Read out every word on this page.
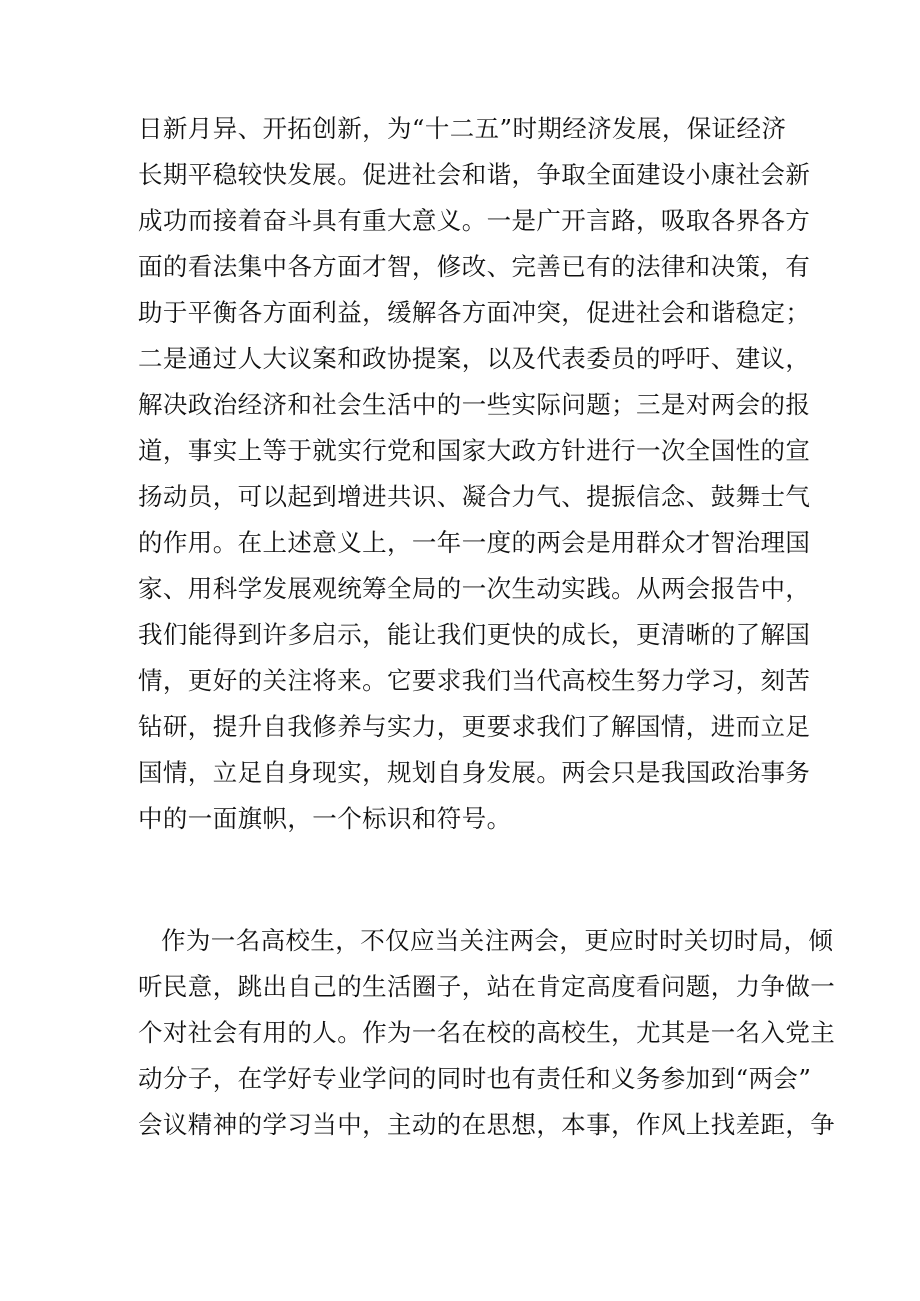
日新月异、开拓创新，为“十二五”时期经济发展，保证经济
长期平稳较快发展。促进社会和谐，争取全面建设小康社会新
成功而接着奋斗具有重大意义。一是广开言路，吸取各界各方
面的看法集中各方面才智，修改、完善已有的法律和决策，有
助于平衡各方面利益，缓解各方面冲突，促进社会和谐稳定；
二是通过人大议案和政协提案，以及代表委员的呼吁、建议，
解决政治经济和社会生活中的一些实际问题；三是对两会的报
道，事实上等于就实行党和国家大政方针进行一次全国性的宣
扬动员，可以起到增进共识、凝合力气、提振信念、鼓舞士气
的作用。在上述意义上，一年一度的两会是用群众才智治理国
家、用科学发展观统筹全局的一次生动实践。从两会报告中，
我们能得到许多启示，能让我们更快的成长，更清晰的了解国
情，更好的关注将来。它要求我们当代高校生努力学习，刻苦
钻研，提升自我修养与实力，更要求我们了解国情，进而立足
国情，立足自身现实，规划自身发展。两会只是我国政治事务
中的一面旗帜，一个标识和符号。
作为一名高校生，不仅应当关注两会，更应时时关切时局，倾
听民意，跳出自己的生活圈子，站在肯定高度看问题，力争做一
个对社会有用的人。作为一名在校的高校生，尤其是一名入党主
动分子，在学好专业学问的同时也有责任和义务参加到“两会”
会议精神的学习当中，主动的在思想，本事，作风上找差距，争
